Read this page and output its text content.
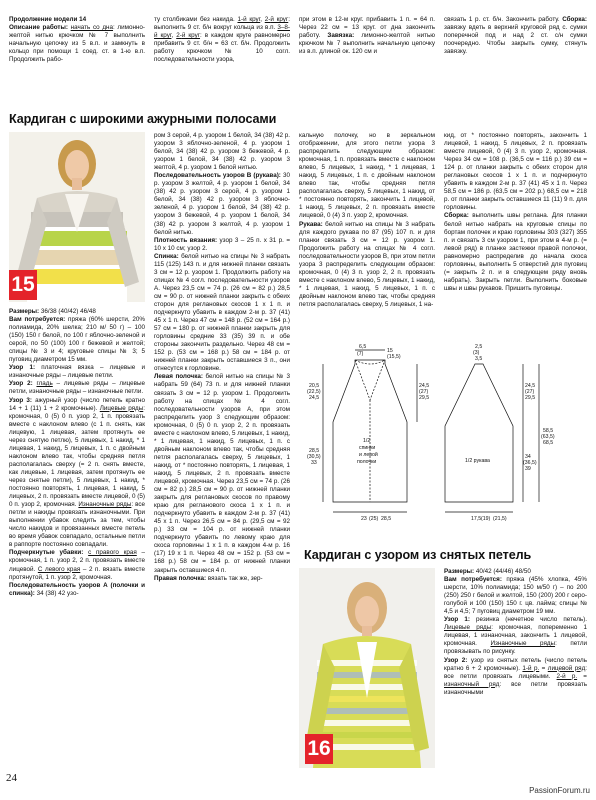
Продолжение модели 14
Описание работы: начать со дна: лимонно-желтой нитью крючком № 7 выполнить начальную цепочку из 5 в.п. и замкнуть в кольцо при помощи 1 соед. ст. в 1-ю в.п. Продолжить рабо-
ту столбиками без накида. 1-й круг, 2-й круг: выполнить 9 ст. б/н вокруг кольца из в.п. 3–8-й круг, 2-й круг: в каждом круге равномерно прибавить 9 ст. б/н = 63 ст. б/н. Продолжить работу крючком № 10 согл. последовательности узора,
при этом в 12-м круг. прибавить 1 п. = 64 п. Через 22 см = 13 круг. от дна закончить работу. Завязка: лимонно-желтой нитью крючком № 7 выполнить начальную цепочку из в.п. длиной ок. 120 см и
связать 1 р. ст. б/н. Закончить работу. Сборка: завязку вдеть в верхний круговой ряд с. сумки поперечной под и над 2 ст. с/н сумки поочередно. Чтобы закрыть сумку, стянуть завязку.
Кардиган с широкими ажурными полосами
15
Размеры: 36/38 (40/42) 46/48
Вам потребуется: пряжа (60% шерсти, 20% полиамида, 20% шелка; 210 м/ 50 г) – 100 (150) 150 г белой, по 100 г яблочно-зеленой и серой, по 50 (100) 100 г бежевой и желтой; спицы № 3 и 4; круговые спицы № 3; 5 пуговиц диаметром 15 мм.
Узор 1: платочная вязка – лицевые и изнаночные ряды – лицевые петли.
Узор 2: гладь – лицевые ряды – лицевые петли, изнаночные ряды – изнаночные петли.
Узор 3: ажурный узор (число петель кратно 14 + 1 (11) 1 + 2 кромочные). Лицевые ряды: кромочная, 0 (5) 0 п. узор 2, 1 п. провязать вместе с наклоном влево (с 1 п. снять, как лицевую, 1 лицевая, затем протянуть ее через снятую петлю), 5 лицевых, 1 накид, * 1 лицевая, 1 накид, 5 лицевых, 1 п. с двойным наклоном влево так, чтобы средняя петля располагалась сверху (= 2 п. снять вместе, как лицевые, 1 лицевая, затем протянуть ее через снятые петли), 5 лицевых, 1 накид, * постоянно повторять, 1 лицевая, 1 накид, 5 лицевых, 2 п. провязать вместе лицевой, 0 (5) 0 п. узор 2, кромочная. Изнаночные ряды: все петли и накиды провязать изнаночными. При выполнении убавок следить за тем, чтобы число накидов и провязанных вместе петель во время убавок совпадало, остальные петли в раппорте постоянно совпадали.
Подчеркнутые убавки: с правого края – кромочная, 1 п. узор 2, 2 п. провязать вместе лицевой. С левого края – 2 п. вязать вместе протянутой, 1 п. узор 2, кромочная.
Последовательность узоров А (полочки и спинка): 34 (38) 42 узо-
ром 3 серой, 4 р. узором 1 белой, 34 (38) 42 р. узором 3 яблочно-зеленой, 4 р. узором 1 белой, 34 (38) 42 р. узором 3 бежевой, 4 р. узором 1 белой, 34 (38) 42 р. узором 3 желтой, 4 р. узором 1 белой нитью.
Последовательность узоров В (рукава): 30 р. узором 3 желтой, 4 р. узором 1 белой, 34 (38) 42 р. узором 3 серой, 4 р. узором 1 белой, 34 (38) 42 р. узором 3 яблочно-зеленой, 4 р. узором 1 белой, 34 (38) 42 р. узором 3 бежевой, 4 р. узором 1 белой, 34 (38) 42 р. узором 3 желтой, 4 р. узором 1 белой нитью.
Плотность вязания: узор 3 – 25 п. х 31 р. = 10 х 10 см; узор 2.
Спинка: белой нитью на спицы № 3 набрать 115 (125) 143 п. и для нижней планки связать 3 см = 12 р. узором 1. Продолжить работу на спицах № 4 согл. последовательности узоров А. Через 23,5 см = 74 р. (26 см = 82 р.) 28,5 см = 90 р. от нижней планки закрыть с обеих сторон для реглановых скосов 1 х 1 п. и подчеркнуто убавить в каждом 2-м р. 37 (41) 45 х 1 п. Через 47 см = 148 р. (52 см = 164 р.) 57 см = 180 р. от нижней планки закрыть для горловины средние 33 (35) 39 п. и обе стороны закончить раздельно. Через 48 см = 152 р. (53 см = 168 р.) 58 см = 184 р. от нижней планки закрыть оставшиеся 3 п., они отнесутся к горловине.
Левая полочка: белой нитью на спицы № 3 набрать 59 (64) 73 п. и для нижней планки связать 3 см = 12 р. узором 1. Продолжить работу на спицах № 4 согл. последовательности узоров А, при этом распределить узор 3 следующим образом: кромочная, 0 (5) 0 п. узор 2, 2 п. провязать вместе с наклоном влево, 5 лицевых, 1 накид, * 1 лицевая, 1 накид, 5 лицевых, 1 п. с двойным наклоном влево так, чтобы средняя петля располагалась сверху, 5 лицевых, 1 накид, от * постоянно повторять, 1 лицевая, 1 накид, 5 лицевых, 2 п. провязать вместе лицевой, кромочная. Через 23,5 см = 74 р. (26 см = 82 р.) 28,5 см = 90 р. от нижней планки закрыть для реглановых скосов по правому краю для регланового скоса 1 х 1 п. и подчеркнуто убавить в каждом 2-м р. 37 (41) 45 х 1 п. Через 26,5 см = 84 р. (29,5 см = 92 р.) 33 см = 104 р. от нижней планки подчеркнуто убавить по левому краю для скоса горловины 1 х 1 п. в каждом 4-м р. 16 (17) 19 х 1 п. Через 48 см = 152 р. (53 см = 168 р.) 58 см = 184 р. от нижней планки закрыть оставшиеся 4 п.
Правая полочка: вязать так же, зер-
кальную полочку, но в зеркальном отображении, для этого петли узора 3 распределить следующим образом: кромочная, 1 п. провязать вместе с наклоном влево, 5 лицевых, 1 накид, * 1 лицевая, 1 накид, 5 лицевых, 1 п. с двойным наклоном влево так, чтобы средняя петля располагалась сверху, 5 лицевых, 1 накид, от * постоянно повторять, закончить 1 лицевой, 1 накид, 5 лицевых, 2 п. провязать вместе лицевой, 0 (4) 3 п. узор 2, кромочная.
Рукава: белой нитью на спицы № 3 набрать для каждого рукава по 87 (95) 107 п. и для планки связать 3 см = 12 р. узором 1. Продолжить работу на спицах № 4 согл. последовательности узоров В, при этом петли узора 3 распределить следующим образом: кромочная, 0 (4) 3 п. узор 2, 2 п. провязать вместе с наклоном влево, 5 лицевых, 1 накид, * 1 лицевая, 1 накид, 5 лицевых, 1 п. с двойным наклоном влево так, чтобы средняя петля располагалась сверху, 5 лицевых, 1 на-
кид, от * постоянно повторять, закончить 1 лицевой, 1 накид, 5 лицевых, 2 п. провязать вместе лицевой, 0 (4) 3 п. узор 2, кромочная. Через 34 см = 108 р. (36,5 см = 116 р.) 39 см = 124 р. от планки закрыть с обеих сторон для реглановых скосов 1 х 1 п. и подчеркнуто убавить в каждом 2-м р. 37 (41) 45 х 1 п. Через 58,5 см = 186 р. (63,5 см = 202 р.) 68,5 см = 218 р. от планки закрыть оставшиеся 11 (11) 9 п. для горловины.
Сборка: выполнить швы реглана. Для планки белой нитью набрать на круговые спицы по бортам полочек и краю горловины 303 (327) 355 п. и связать 3 см узором 1, при этом в 4-м р. (= левой ряд) в планке застежки правой полочки, равномерно распределив до начала скоса горловины, выполнить 5 отверстий для пуговиц (= закрыть 2 п. и в следующем ряду вновь набрать). Закрыть петли. Выполнить боковые швы и швы рукавов. Пришить пуговицы.
6,5
(7)	15
(15,5)
20,5
(22,5)
24,5
28,5
(30,5)
33
23 (25) 28,5
1/2
спинки
и левой
полочки
24,5
(27)
29,5
2,5
(3)
3,5
24,5
(27)
29,5
34
(36,5)
39
58,5
(63,5)
68,5
1/2 рукава
17,5 (19) (21,5)
Кардиган с узором из снятых петель
16
Размеры: 40/42 (44/46) 48/50
Вам потребуется: пряжа (45% хлопка, 45% шерсти, 10% полиамида; 150 м/50 г) – по 200 (250) 250 г белой и желтой, 150 (200) 200 г серо-голубой и 100 (150) 150 г. цв. лайма; спицы № 4,5 и 4,5; 7 пуговиц диаметром 19 мм.
Узор 1: резинка (нечетное число петель). Лицевые ряды: кромочная, попеременно 1 лицевая, 1 изнаночная, закончить 1 лицевой, кромочная. Изнаночные ряды: петли провязывать по рисунку.
Узор 2: узор из снятых петель (число петель кратно 6 + 2 кромочные). 1-й р. = лицевой ряд: все петли провязать лицевыми. 2-й р. = изнаночный ряд: все петли провязать изнаночными
24
PassionForum.ru
